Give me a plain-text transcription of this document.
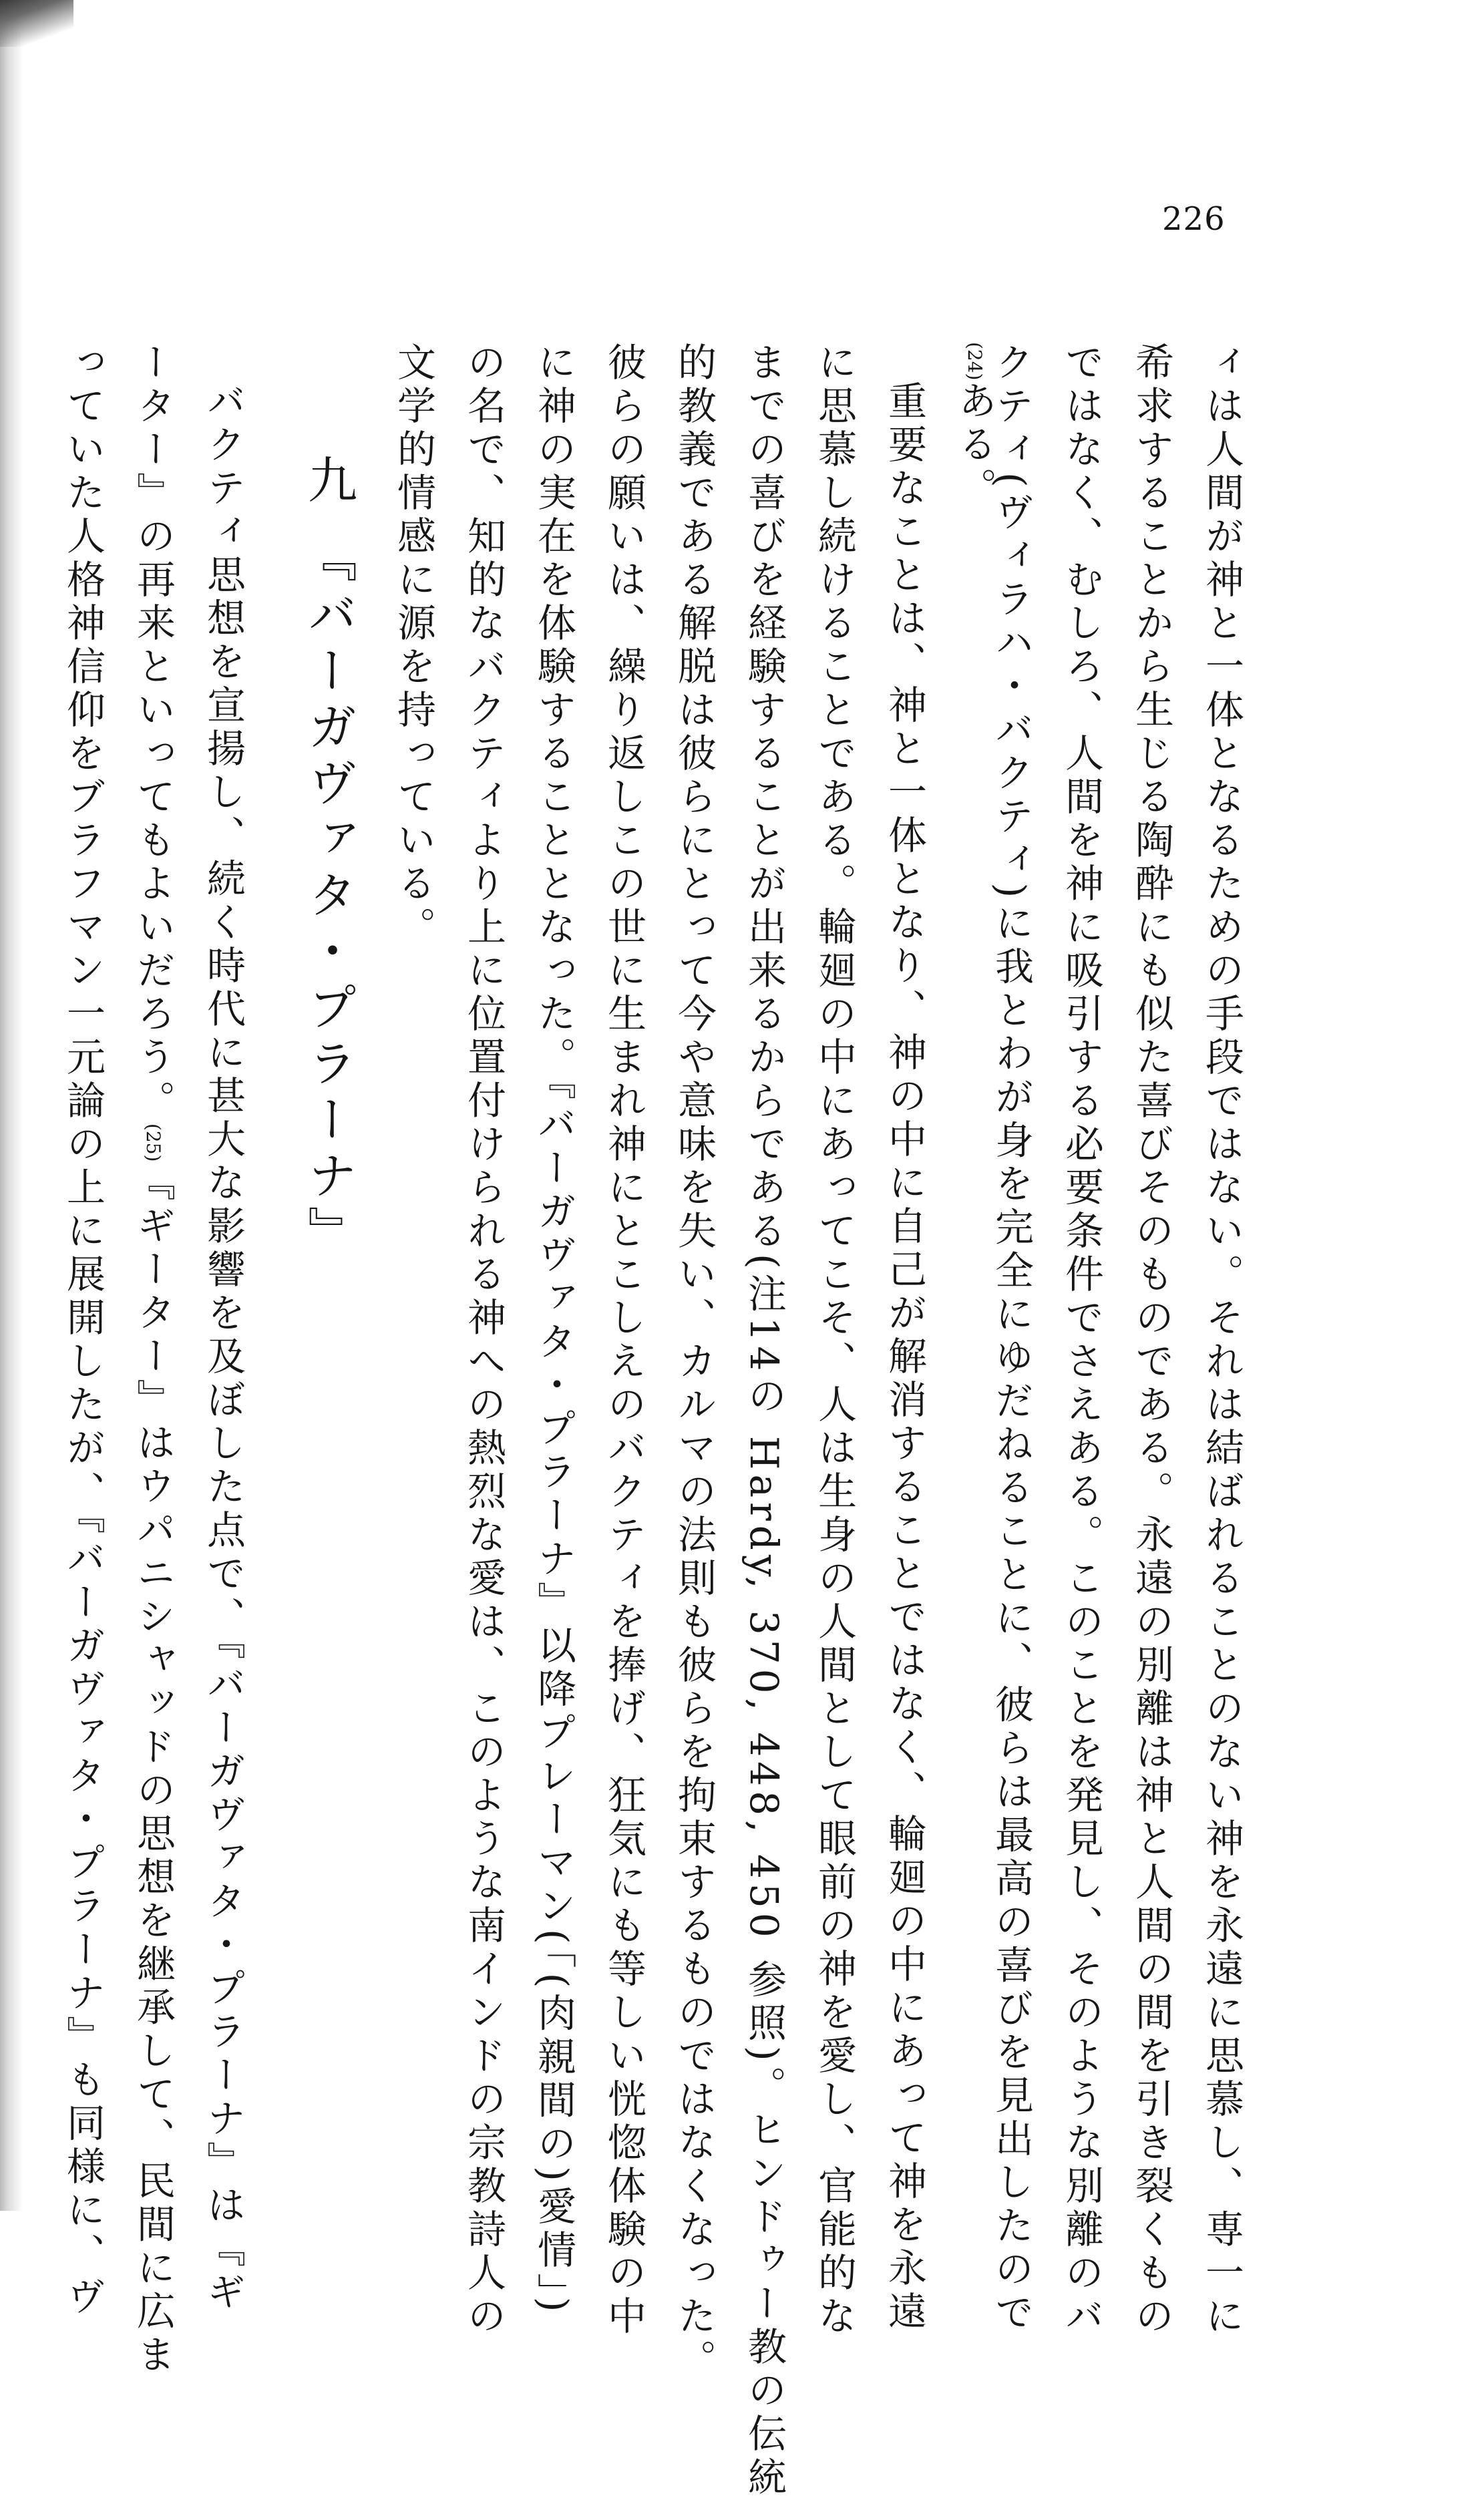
226
ィは人間が神と一体となるための手段ではない。それは結ばれることのない神を永遠に思慕し、専一に
希求することから生じる陶酔にも似た喜びそのものである。永遠の別離は神と人間の間を引き裂くもの
ではなく、むしろ、人間を神に吸引する必要条件でさえある。このことを発見し、そのような別離のバ
クティ(ヴィラハ・バクティ)に我とわが身を完全にゆだねることに、彼らは最高の喜びを見出したので
(24)ある。
重要なことは、神と一体となり、神の中に自己が解消することではなく、輪廻の中にあって神を永遠
に思慕し続けることである。輪廻の中にあってこそ、人は生身の人間として眼前の神を愛し、官能的な
までの喜びを経験することが出来るからである(注14の Hardy, 370, 448, 450 参照)。ヒンドゥー教の伝統
的教義である解脱は彼らにとって今や意味を失い、カルマの法則も彼らを拘束するものではなくなった。
彼らの願いは、繰り返しこの世に生まれ神にとこしえのバクティを捧げ、狂気にも等しい恍惚体験の中
に神の実在を体験することとなった。『バーガヴァタ・プラーナ』以降プレーマン(「(肉親間の)愛情」)
の名で、知的なバクティより上に位置付けられる神への熱烈な愛は、このような南インドの宗教詩人の
文学的情感に源を持っている。
九 『バーガヴァタ・プラーナ』
バクティ思想を宣揚し、続く時代に甚大な影響を及ぼした点で、『バーガヴァタ・プラーナ』は『ギ
ーター』の再来といってもよいだろう。(25)『ギーター』はウパニシャッドの思想を継承して、民間に広ま
っていた人格神信仰をブラフマン一元論の上に展開したが、『バーガヴァタ・プラーナ』も同様に、ヴ
